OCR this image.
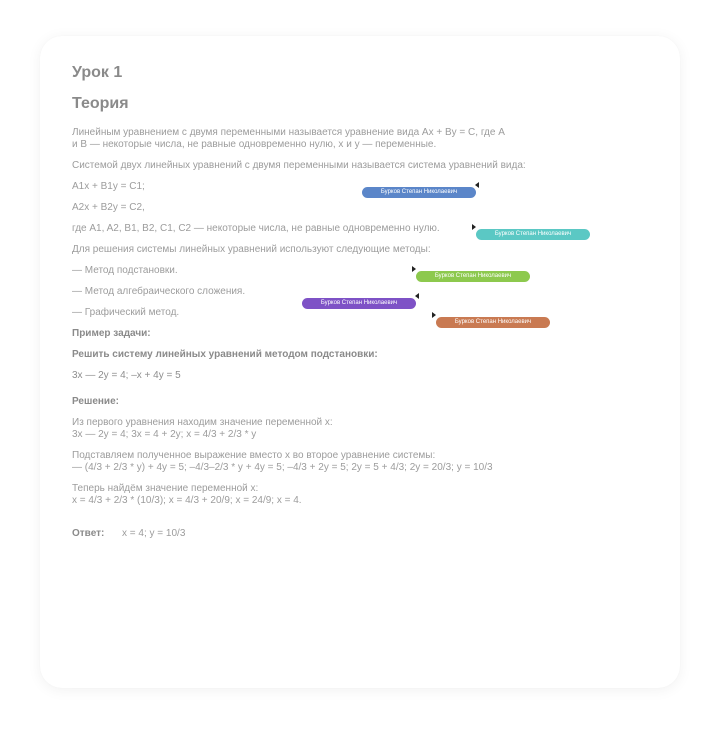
Урок 1
Теория
Линейным уравнением с двумя переменными называется уравнение вида Ax + By = C, где A
и B — некоторые числа, не равные одновременно нулю, x и y — переменные.
Системой двух линейных уравнений с двумя переменными называется система уравнений вида:
A1x + B1y = C1;
A2x + B2y = C2,
где A1, A2, B1, B2, C1, C2 — некоторые числа, не равные одновременно нулю.
Для решения системы линейных уравнений используют следующие методы:
— Метод подстановки.
— Метод алгебраического сложения.
— Графический метод.
Пример задачи:
Решить систему линейных уравнений методом подстановки:
3x — 2y = 4; –x + 4y = 5
Решение:
Из первого уравнения находим значение переменной x:
3x — 2y = 4; 3x = 4 + 2y; x = 4/3 + 2/3 * y
Подставляем полученное выражение вместо x во второе уравнение системы:
— (4/3 + 2/3 * y) + 4y = 5; –4/3–2/3 * y + 4y = 5; –4/3 + 2y = 5; 2y = 5 + 4/3; 2y = 20/3; y = 10/3
Теперь найдём значение переменной x:
x = 4/3 + 2/3 * (10/3); x = 4/3 + 20/9; x = 24/9; x = 4.

Ответ: x = 4; y = 10/3

Бурков Степан Николаевич
Бурков Степан Николаевич
Бурков Степан Николаевич
Бурков Степан Николаевич
Бурков Степан Николаевич
